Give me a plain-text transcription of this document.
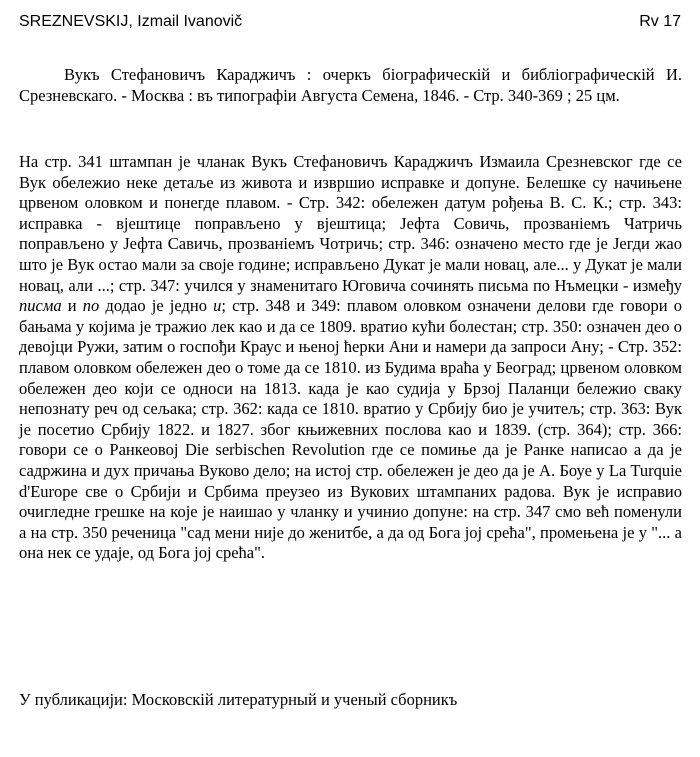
SREZNEVSKIJ, Izmail Ivanovič	Rv 17

Вукъ Стефановичъ Караджичъ : очеркъ біографическій и библіографическій И. Срезневскаго. - Москва : въ типографіи Августа Семена, 1846. - Стр. 340-369 ; 25 цм.

На стр. 341 штампан је чланак Вукъ Стефановичъ Караджичъ Измаила Срезневског где се Вук обележио неке детаље из живота и извршио исправке и допуне. Белешке су начињене црвеном оловком и понегде плавом. - Стр. 342: обележен датум рођења В. С. К.; стр. 343: исправка - вјештице поправљено у вјештица; Јефта Совичь, прозваніемъ Чатричь поправљено у Јефта Савичь, прозваніемъ Чотричь; стр. 346: означено место где је Јегди жао што је Вук остао мали за своје године; исправљено Дукат је мали новац, але... у Дукат је мали новац, али ...; стр. 347: учился у знаменитаго Юговича сочинять письма по Нъмецки - између писма и по додао је једно и; стр. 348 и 349: плавом оловком означени делови где говори о бањама у којима је тражио лек као и да се 1809. вратио кући болестан; стр. 350: означен део о девојци Ружи, затим о госпођи Краус и њеној ћерки Ани и намери да запроси Ану; - Стр. 352: плавом оловком обележен део о томе да се 1810. из Будима враћа у Београд; црвеном оловком обележен део који се односи на 1813. када је као судија у Брзој Паланци бележио сваку непознату реч од сељака; стр. 362: када се 1810. вратио у Србију био је учитељ; стр. 363: Вук је посетио Србију 1822. и 1827. због књижевних послова као и 1839. (стр. 364); стр. 366: говори се о Ранкеовој Die serbischen Revolution где се помиње да је Ранке написао а да је садржина и дух причања Вуково дело; на истој стр. обележен је део да је А. Боуе у La Turquie d'Europe све о Србији и Србима преузео из Вукових штампаних радова. Вук је исправио очигледне грешке на које је наишао у чланку и учинио допуне: на стр. 347 смо већ поменули а на стр. 350 реченица "сад мени није до женитбе, а да од Бога јој срећа", промењена је у "... а она нек се удаје, од Бога јој срећа".

У публикацији: Московскій литературный и ученый сборникъ
